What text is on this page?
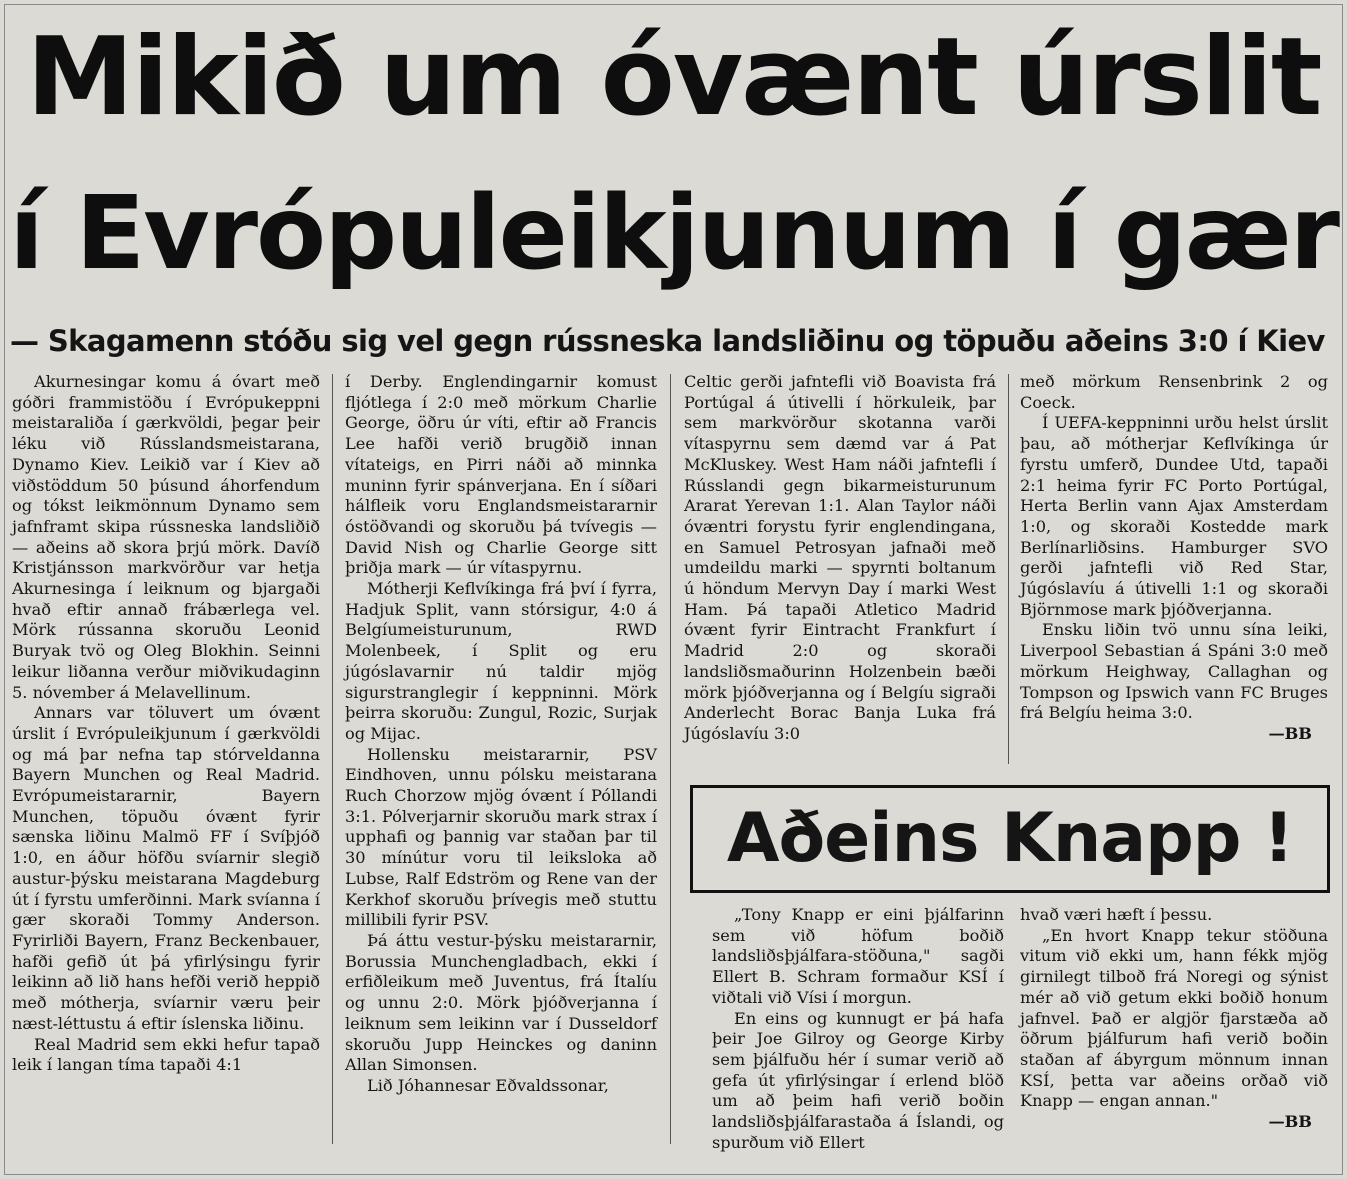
Mikið um óvænt úrslit
í Evrópuleikjunum í gær
— Skagamenn stóðu sig vel gegn rússneska landsliðinu og töpuðu aðeins 3:0 í Kiev

Akurnesingar komu á óvart með góðri frammistöðu í Evrópukeppni meistaraliða í gærkvöldi, þegar þeir léku við Rússlandsmeistarana, Dynamo Kiev. Leikið var í Kiev að viðstöddum 50 þúsund áhorfendum og tókst leikmönnum Dynamo sem jafnframt skipa rússneska landsliðið — aðeins að skora þrjú mörk. Davíð Kristjánsson markvörður var hetja Akurnesinga í leiknum og bjargaði hvað eftir annað frábærlega vel. Mörk rússanna skoruðu Leonid Buryak tvö og Oleg Blokhin. Seinni leikur liðanna verður miðvikudaginn 5. nóvember á Melavellinum.

Annars var töluvert um óvænt úrslit í Evrópuleikjunum í gærkvöldi og má þar nefna tap stórveldanna Bayern Munchen og Real Madrid. Evrópumeistararnir, Bayern Munchen, töpuðu óvænt fyrir sænska liðinu Malmö FF í Svíþjóð 1:0, en áður höfðu svíarnir slegið austur-þýsku meistarana Magdeburg út í fyrstu umferðinni. Mark svíanna í gær skoraði Tommy Anderson. Fyrirliði Bayern, Franz Beckenbauer, hafði gefið út þá yfirlýsingu fyrir leikinn að lið hans hefði verið heppið með mótherja, svíarnir væru þeir næst-léttustu á eftir íslenska liðinu.

Real Madrid sem ekki hefur tapað leik í langan tíma tapaði 4:1

í Derby. Englendingarnir komust fljótlega í 2:0 með mörkum Charlie George, öðru úr víti, eftir að Francis Lee hafði verið brugðið innan vítateigs, en Pirri náði að minnka muninn fyrir spánverjana. En í síðari hálfleik voru Englandsmeistararnir óstöðvandi og skoruðu þá tvívegis — David Nish og Charlie George sitt þriðja mark — úr vítaspyrnu.

Mótherji Keflvíkinga frá því í fyrra, Hadjuk Split, vann stórsigur, 4:0 á Belgíumeisturunum, RWD Molenbeek, í Split og eru júgóslavarnir nú taldir mjög sigurstranglegir í keppninni. Mörk þeirra skoruðu: Zungul, Rozic, Surjak og Mijac.

Hollensku meistararnir, PSV Eindhoven, unnu pólsku meistarana Ruch Chorzow mjög óvænt í Póllandi 3:1. Pólverjarnir skoruðu mark strax í upphafi og þannig var staðan þar til 30 mínútur voru til leiksloka að Lubse, Ralf Edström og Rene van der Kerkhof skoruðu þrívegis með stuttu millibili fyrir PSV.

Þá áttu vestur-þýsku meistararnir, Borussia Munchengladbach, ekki í erfiðleikum með Juventus, frá Ítalíu og unnu 2:0. Mörk þjóðverjanna í leiknum sem leikinn var í Dusseldorf skoruðu Jupp Heinckes og daninn Allan Simonsen.

Lið Jóhannesar Eðvaldssonar,

Celtic gerði jafntefli við Boavista frá Portúgal á útivelli í hörkuleik, þar sem markvörður skotanna varði vítaspyrnu sem dæmd var á Pat McKluskey. West Ham náði jafntefli í Rússlandi gegn bikarmeisturunum Ararat Yerevan 1:1. Alan Taylor náði óvæntri forystu fyrir englendingana, en Samuel Petrosyan jafnaði með umdeildu marki — spyrnti boltanum ú höndum Mervyn Day í marki West Ham. Þá tapaði Atletico Madrid óvænt fyrir Eintracht Frankfurt í Madrid 2:0 og skoraði landsliðsmaðurinn Holzenbein bæði mörk þjóðverjanna og í Belgíu sigraði Anderlecht Borac Banja Luka frá Júgóslavíu 3:0

með mörkum Rensenbrink 2 og Coeck.

Í UEFA-keppninni urðu helst úrslit þau, að mótherjar Keflvíkinga úr fyrstu umferð, Dundee Utd, tapaði 2:1 heima fyrir FC Porto Portúgal, Herta Berlin vann Ajax Amsterdam 1:0, og skoraði Kostedde mark Berlínarliðsins. Hamburger SVO gerði jafntefli við Red Star, Júgóslavíu á útivelli 1:1 og skoraði Björnmose mark þjóðverjanna.

Ensku liðin tvö unnu sína leiki, Liverpool Sebastian á Spáni 3:0 með mörkum Heighway, Callaghan og Tompson og Ipswich vann FC Bruges frá Belgíu heima 3:0.

—BB

Aðeins Knapp !

„Tony Knapp er eini þjálfarinn sem við höfum boðið landsliðsþjálfara-stöðuna," sagði Ellert B. Schram formaður KSÍ í viðtali við Vísi í morgun.

En eins og kunnugt er þá hafa þeir Joe Gilroy og George Kirby sem þjálfuðu hér í sumar verið að gefa út yfirlýsingar í erlend blöð um að þeim hafi verið boðin landsliðsþjálfarastaða á Íslandi, og spurðum við Ellert

hvað væri hæft í þessu.

„En hvort Knapp tekur stöðuna vitum við ekki um, hann fékk mjög girnilegt tilboð frá Noregi og sýnist mér að við getum ekki boðið honum jafnvel. Það er algjör fjarstæða að öðrum þjálfurum hafi verið boðin staðan af ábyrgum mönnum innan KSÍ, þetta var aðeins orðað við Knapp — engan annan."

—BB
